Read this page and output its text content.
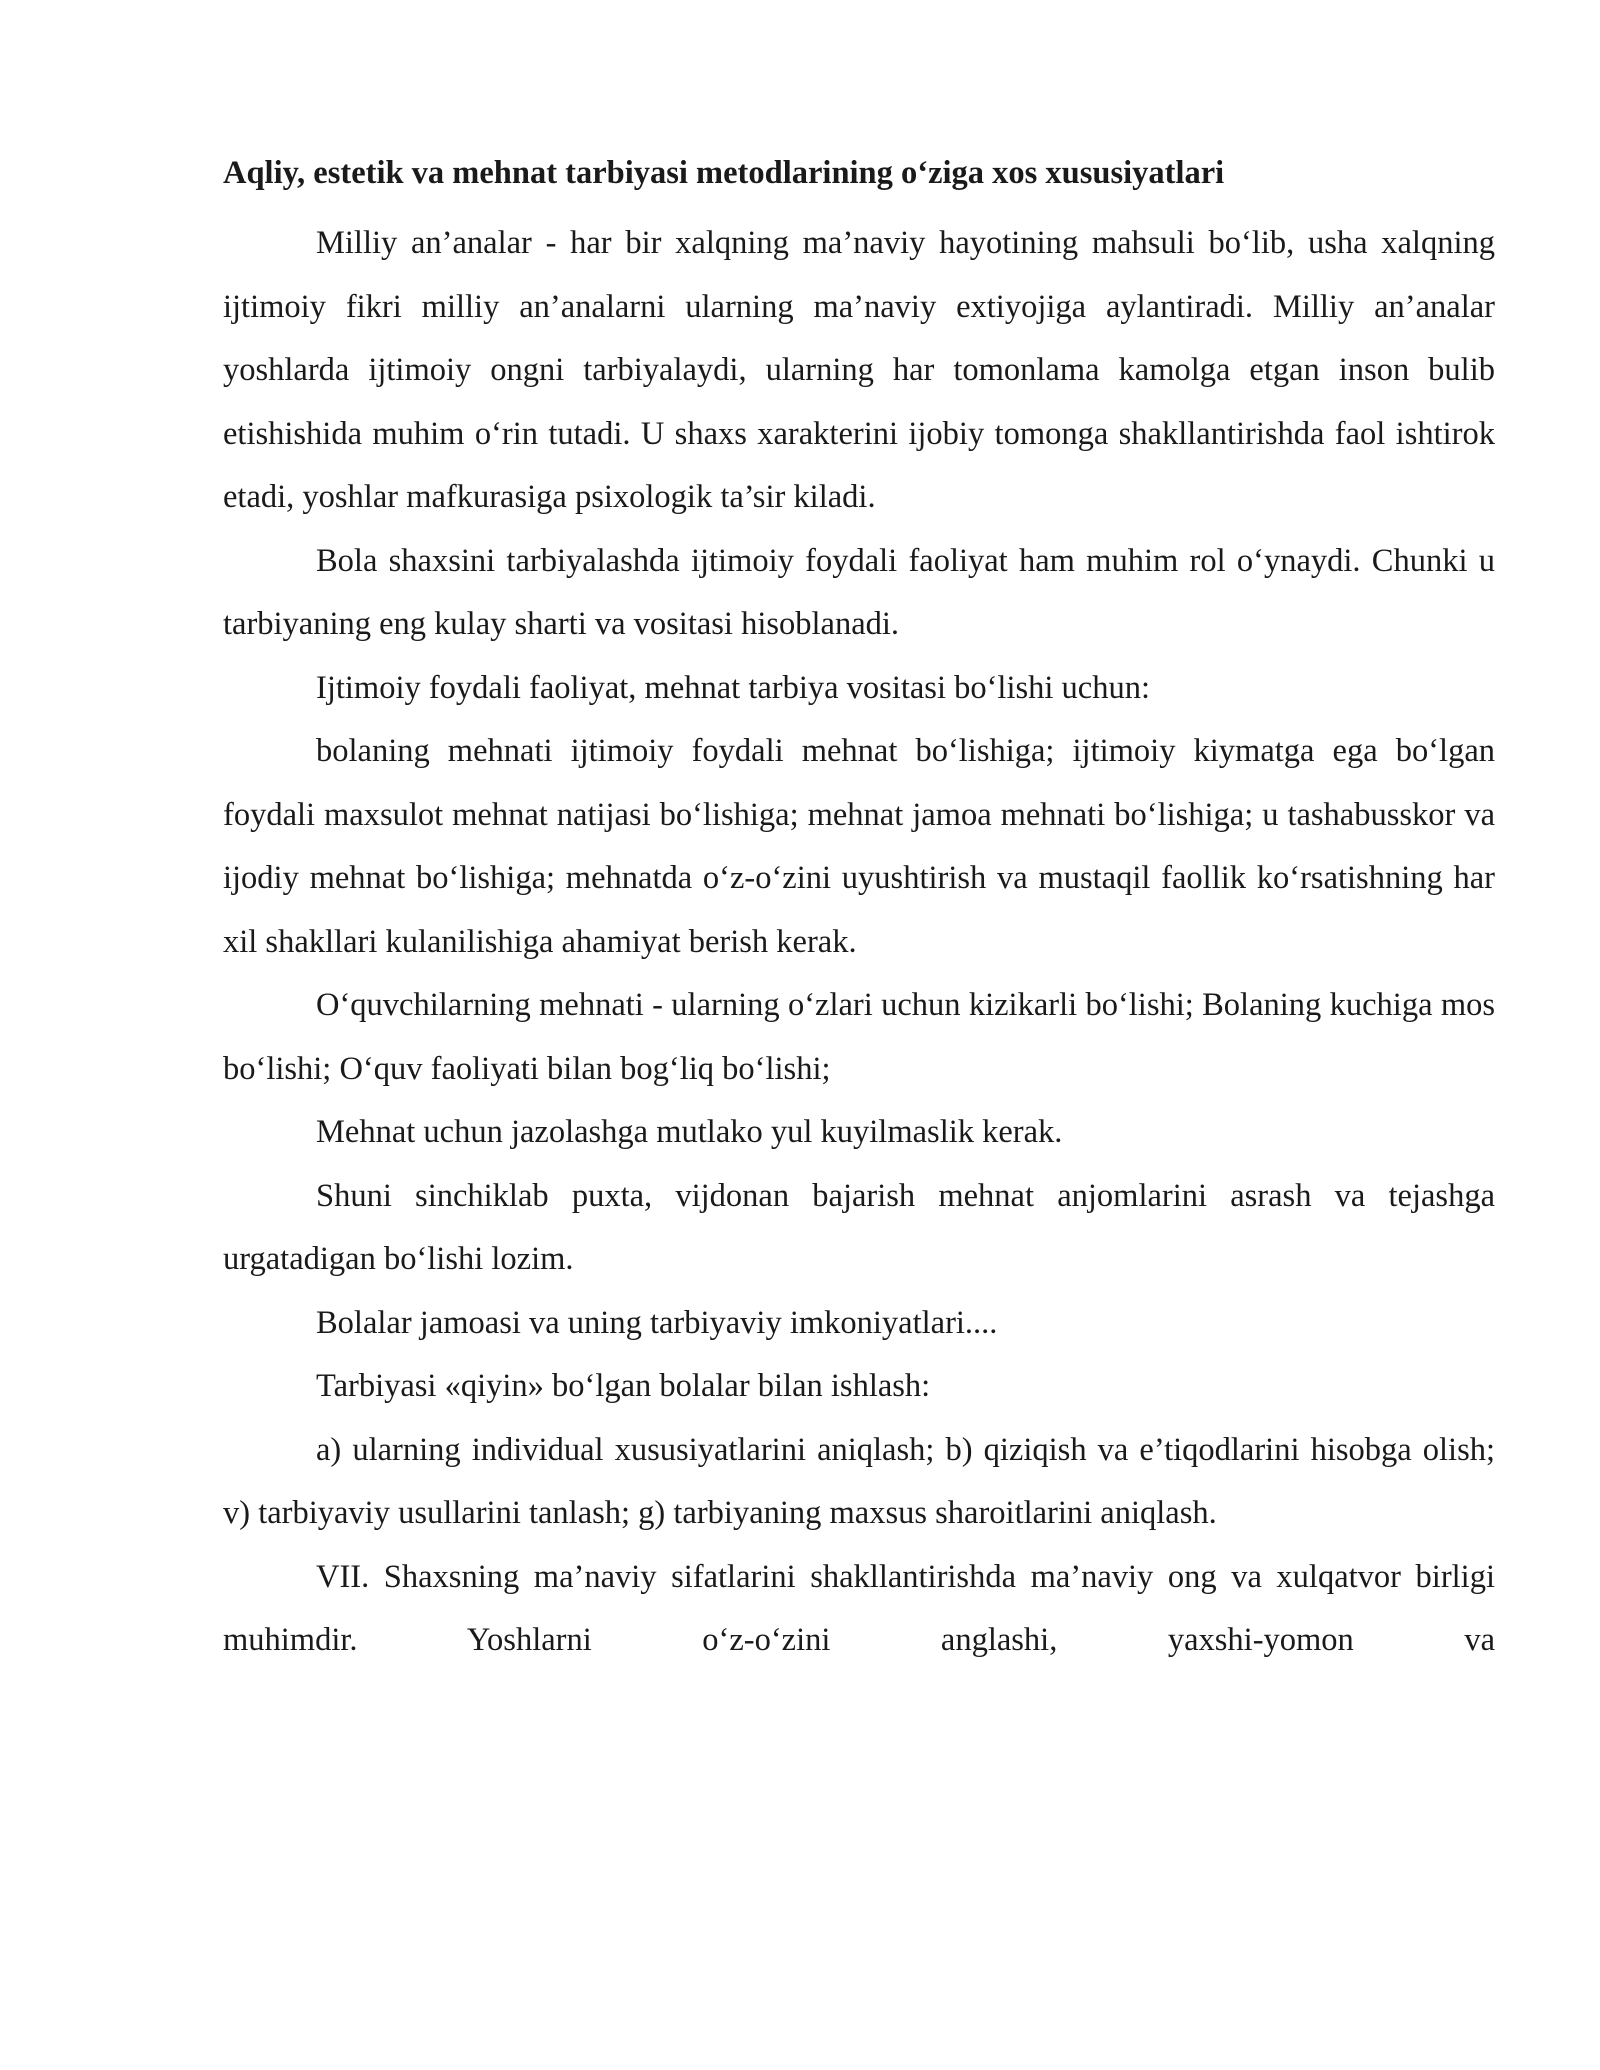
Aqliy, estetik va mehnat tarbiyasi metodlarining o‘ziga xos xususiyatlari

Milliy an’analar - har bir xalqning ma’naviy hayotining mahsuli bo‘lib, usha xalqning ijtimoiy fikri milliy an’analarni ularning ma’naviy extiyojiga aylantiradi. Milliy an’analar yoshlarda ijtimoiy ongni tarbiyalaydi, ularning har tomonlama kamolga etgan inson bulib etishishida muhim o‘rin tutadi. U shaxs xarakterini ijobiy tomonga shakllantirishda faol ishtirok etadi, yoshlar mafkurasiga psixologik ta’sir kiladi.

Bola shaxsini tarbiyalashda ijtimoiy foydali faoliyat ham muhim rol o‘ynaydi. Chunki u tarbiyaning eng kulay sharti va vositasi hisoblanadi.

Ijtimoiy foydali faoliyat, mehnat tarbiya vositasi bo‘lishi uchun:

bolaning mehnati ijtimoiy foydali mehnat bo‘lishiga; ijtimoiy kiymatga ega bo‘lgan foydali maxsulot mehnat natijasi bo‘lishiga; mehnat jamoa mehnati bo‘lishiga; u tashabusskor va ijodiy mehnat bo‘lishiga; mehnatda o‘z-o‘zini uyushtirish va mustaqil faollik ko‘rsatishning har xil shakllari kulanilishiga ahamiyat berish kerak.

O‘quvchilarning mehnati - ularning o‘zlari uchun kizikarli bo‘lishi; Bolaning kuchiga mos bo‘lishi; O‘quv faoliyati bilan bog‘liq bo‘lishi;

Mehnat uchun jazolashga mutlako yul kuyilmaslik kerak.

Shuni sinchiklab puxta, vijdonan bajarish mehnat anjomlarini asrash va tejashga urgatadigan bo‘lishi lozim.

Bolalar jamoasi va uning tarbiyaviy imkoniyatlari....

Tarbiyasi «qiyin» bo‘lgan bolalar bilan ishlash:

a) ularning individual xususiyatlarini aniqlash; b) qiziqish va e’tiqodlarini hisobga olish; v) tarbiyaviy usullarini tanlash; g) tarbiyaning maxsus sharoitlarini aniqlash.

VII. Shaxsning ma’naviy sifatlarini shakllantirishda ma’naviy ong va xulqatvor birligi muhimdir. Yoshlarni o‘z-o‘zini anglashi, yaxshi-yomon va
